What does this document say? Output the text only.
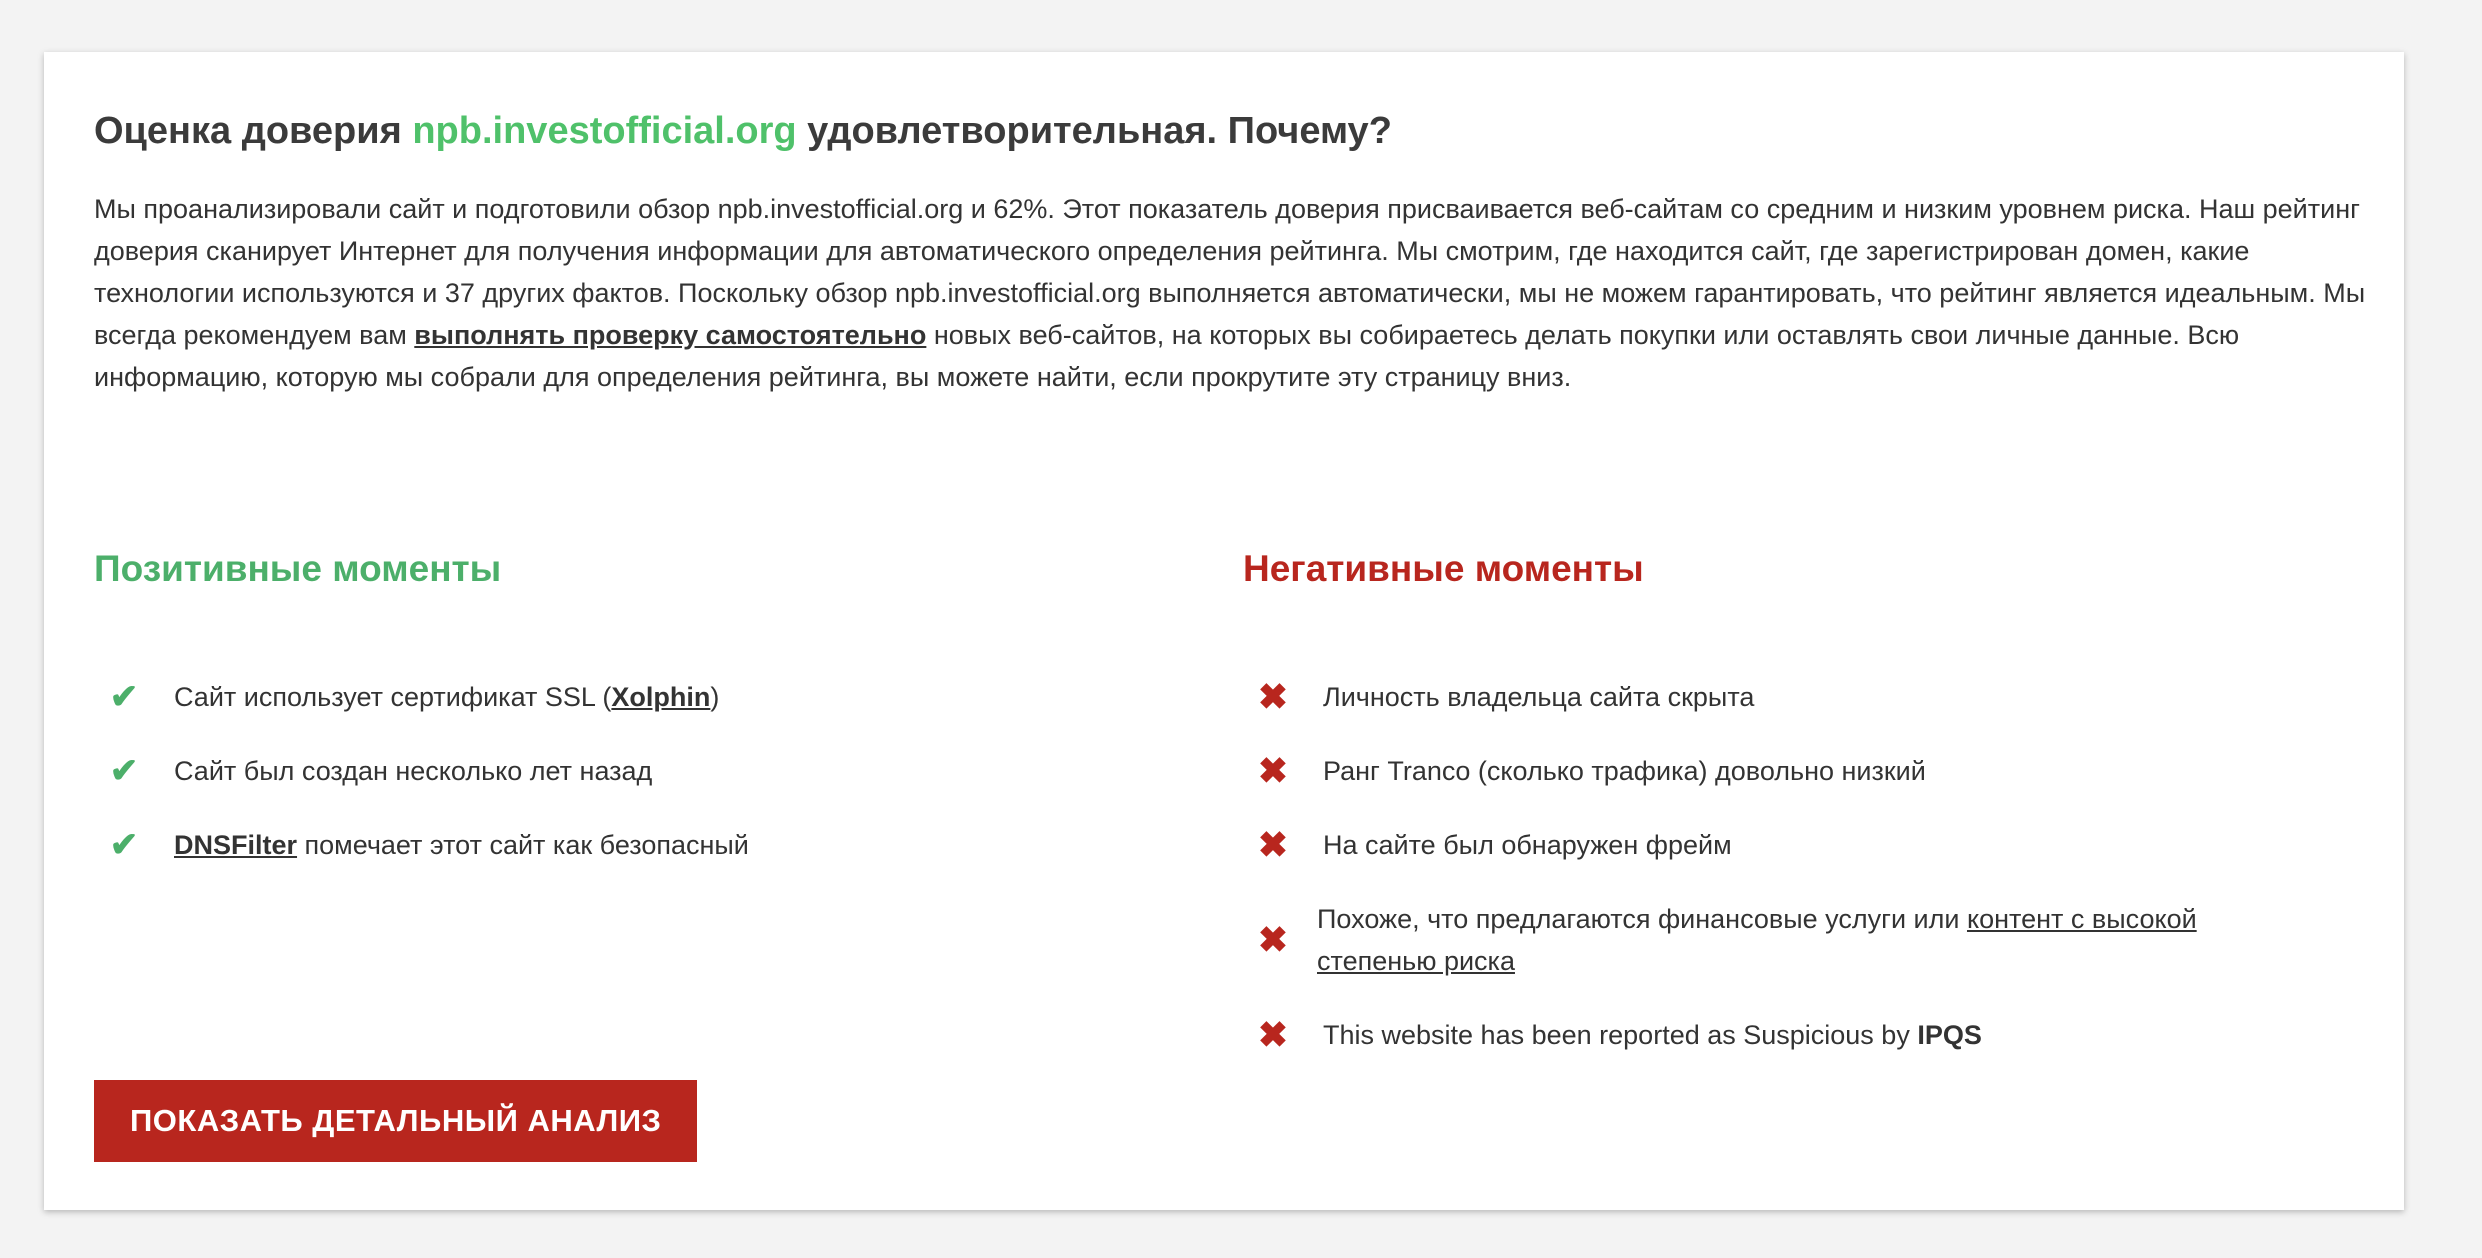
Оценка доверия npb.investofficial.org удовлетворительная. Почему?

Мы проанализировали сайт и подготовили обзор npb.investofficial.org и 62%. Этот показатель доверия присваивается веб-сайтам со средним и низким уровнем риска. Наш рейтинг доверия сканирует Интернет для получения информации для автоматического определения рейтинга. Мы смотрим, где находится сайт, где зарегистрирован домен, какие технологии используются и 37 других фактов. Поскольку обзор npb.investofficial.org выполняется автоматически, мы не можем гарантировать, что рейтинг является идеальным. Мы всегда рекомендуем вам выполнять проверку самостоятельно новых веб-сайтов, на которых вы собираетесь делать покупки или оставлять свои личные данные. Всю информацию, которую мы собрали для определения рейтинга, вы можете найти, если прокрутите эту страницу вниз.

Позитивные моменты
✔ Сайт использует сертификат SSL (Xolphin)
✔ Сайт был создан несколько лет назад
✔ DNSFilter помечает этот сайт как безопасный
Негативные моменты
✖ Личность владельца сайта скрыта
✖ Ранг Tranco (сколько трафика) довольно низкий
✖ На сайте был обнаружен фрейм
✖ Похоже, что предлагаются финансовые услуги или контент с высокой степенью риска
✖ This website has been reported as Suspicious by IPQS
ПОКАЗАТЬ ДЕТАЛЬНЫЙ АНАЛИЗ
